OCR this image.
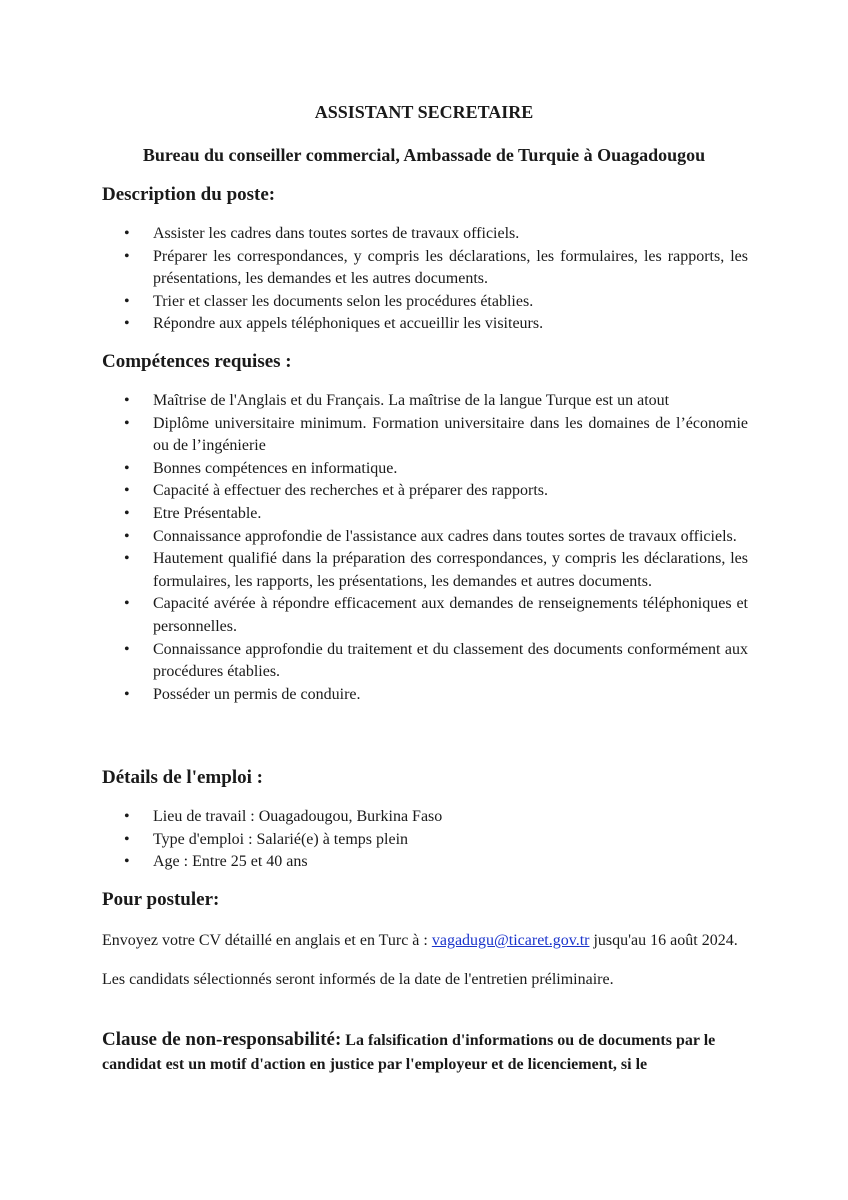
ASSISTANT SECRETAIRE
Bureau du conseiller commercial, Ambassade de Turquie à Ouagadougou
Description du poste:
• Assister les cadres dans toutes sortes de travaux officiels.
• Préparer les correspondances, y compris les déclarations, les formulaires, les rapports, les présentations, les demandes et les autres documents.
• Trier et classer les documents selon les procédures établies.
• Répondre aux appels téléphoniques et accueillir les visiteurs.
Compétences requises :
• Maîtrise de l'Anglais et du Français. La maîtrise de la langue Turque est un atout
• Diplôme universitaire minimum. Formation universitaire dans les domaines de l’économie ou de l’ingénierie
• Bonnes compétences en informatique.
• Capacité à effectuer des recherches et à préparer des rapports.
• Etre Présentable.
• Connaissance approfondie de l'assistance aux cadres dans toutes sortes de travaux officiels.
• Hautement qualifié dans la préparation des correspondances, y compris les déclarations, les formulaires, les rapports, les présentations, les demandes et autres documents.
• Capacité avérée à répondre efficacement aux demandes de renseignements téléphoniques et personnelles.
• Connaissance approfondie du traitement et du classement des documents conformément aux procédures établies.
• Posséder un permis de conduire.
Détails de l'emploi :
• Lieu de travail : Ouagadougou, Burkina Faso
• Type d'emploi : Salarié(e) à temps plein
• Age : Entre 25 et 40 ans
Pour postuler:

Envoyez votre CV détaillé en anglais et en Turc à : vagadugu@ticaret.gov.tr jusqu'au 16 août 2024.

Les candidats sélectionnés seront informés de la date de l'entretien préliminaire.

Clause de non-responsabilité: La falsification d'informations ou de documents par le candidat est un motif d'action en justice par l'employeur et de licenciement, si le
